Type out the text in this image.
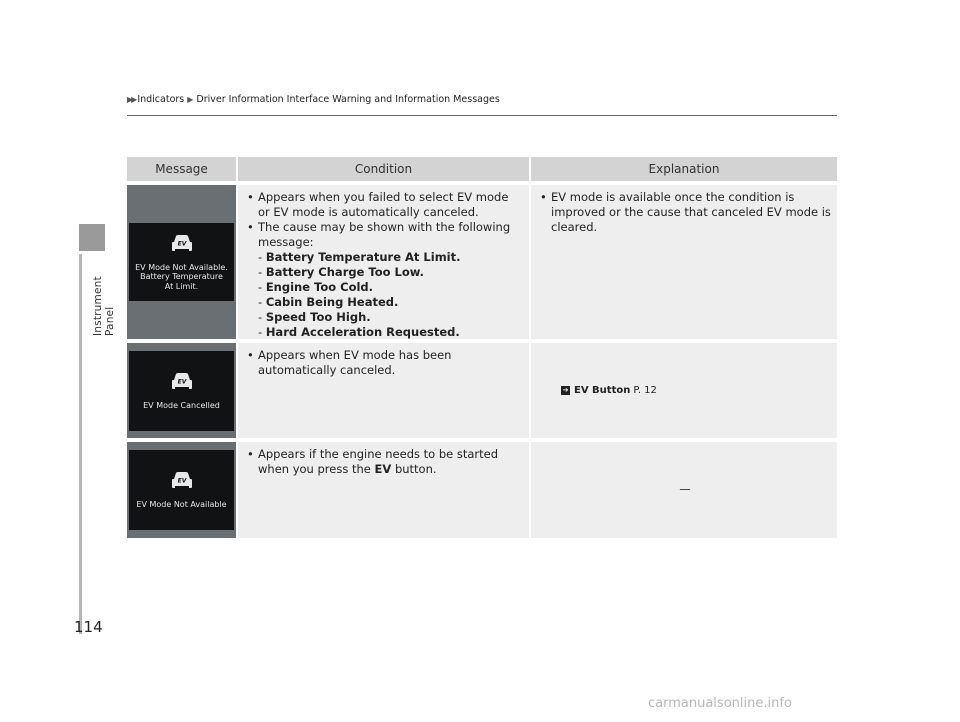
Instrument Panel
▶▶ Indicators ▶ Driver Information Interface Warning and Information Messages
Message	Condition	Explanation
EV
EV Mode Not Available.
Battery Temperature
At Limit.
• Appears when you failed to select EV mode or EV mode is automatically canceled.
• The cause may be shown with the following message:
- Battery Temperature At Limit.
- Battery Charge Too Low.
- Engine Too Cold.
- Cabin Being Heated.
- Speed Too High.
- Hard Acceleration Requested.
• EV mode is available once the condition is improved or the cause that canceled EV mode is cleared.
EV
EV Mode Cancelled
• Appears when EV mode has been automatically canceled.
➔ EV Button P. 12
EV
EV Mode Not Available
• Appears if the engine needs to be started when you press the EV button.
—
114
carmanualsonline.info
